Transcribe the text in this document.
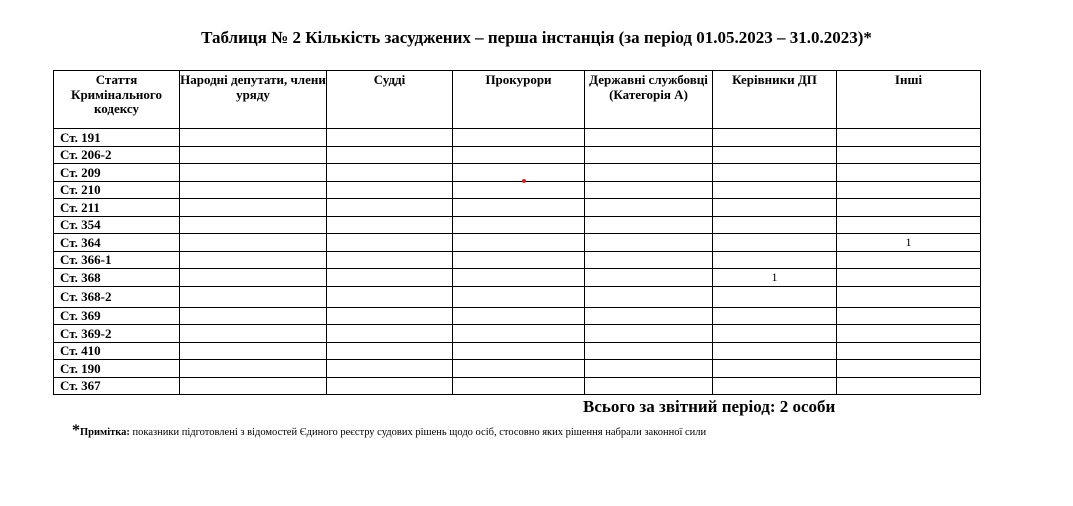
Таблиця № 2 Кількість засуджених – перша інстанція (за період 01.05.2023 – 31.0.2023)*
Стаття Кримінального кодексу	Народні депутати, члени уряду	Судді	Прокурори	Державні службовці (Категорія А)	Керівники ДП	Інші
Ст. 191						
Ст. 206-2						
Ст. 209						
Ст. 210						
Ст. 211						
Ст. 354						
Ст. 364						1
Ст. 366-1						
Ст. 368					1	
Ст. 368-2						
Ст. 369						
Ст. 369-2						
Ст. 410						
Ст. 190						
Ст. 367						
Всього за звітний період: 2 особи
*Примітка: показники підготовлені з відомостей Єдиного реєстру судових рішень щодо осіб, стосовно яких рішення набрали законної сили
